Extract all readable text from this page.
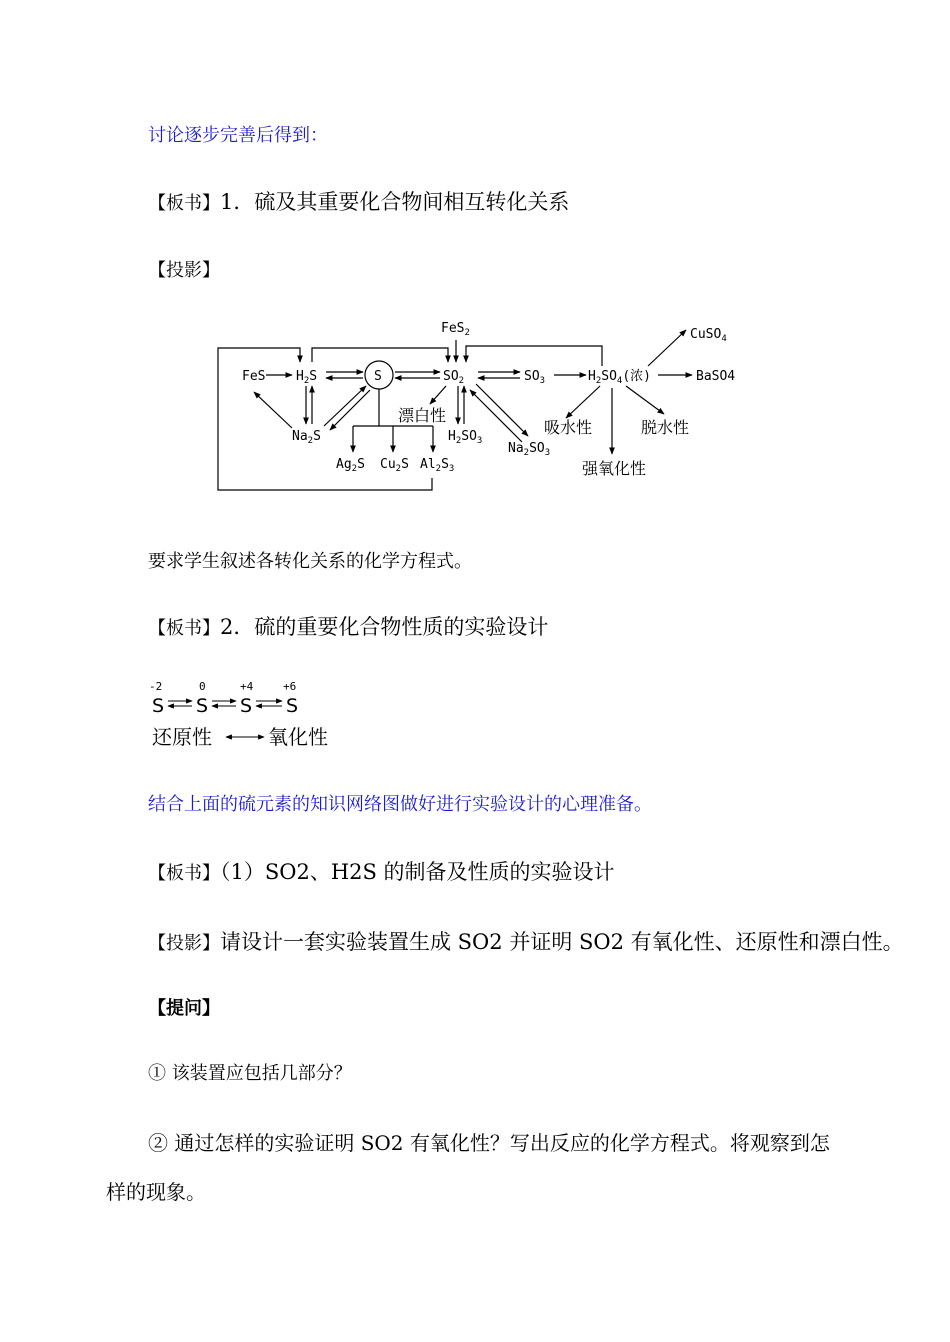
讨论逐步完善后得到：
【板书】1．硫及其重要化合物间相互转化关系
【投影】
FeS$_2$
FeS $H_2S$	S	$SO_2$	$SO_3$	$H_2SO_4$(浓)
CuSO$_4$
BaSO4
$Na_2S$
漂白性
$H_2SO_3$ $Na_2SO_3$
吸水性	脱水性
强氧化性
$Ag_2S$ $Cu_2S$ $Al_2S_3$
要求学生叙述各转化关系的化学方程式。
【板书】2．硫的重要化合物性质的实验设计
-2	0	+4	+6
S S S S
还原性	氧化性
结合上面的硫元素的知识网络图做好进行实验设计的心理准备。
【板书】（1）SO2、H2S 的制备及性质的实验设计
【投影】请设计一套实验装置生成 SO2 并证明 SO2 有氧化性、还原性和漂白性。
【提问】
① 该装置应包括几部分？
② 通过怎样的实验证明 SO2 有氧化性？写出反应的化学方程式。将观察到怎
样的现象。
